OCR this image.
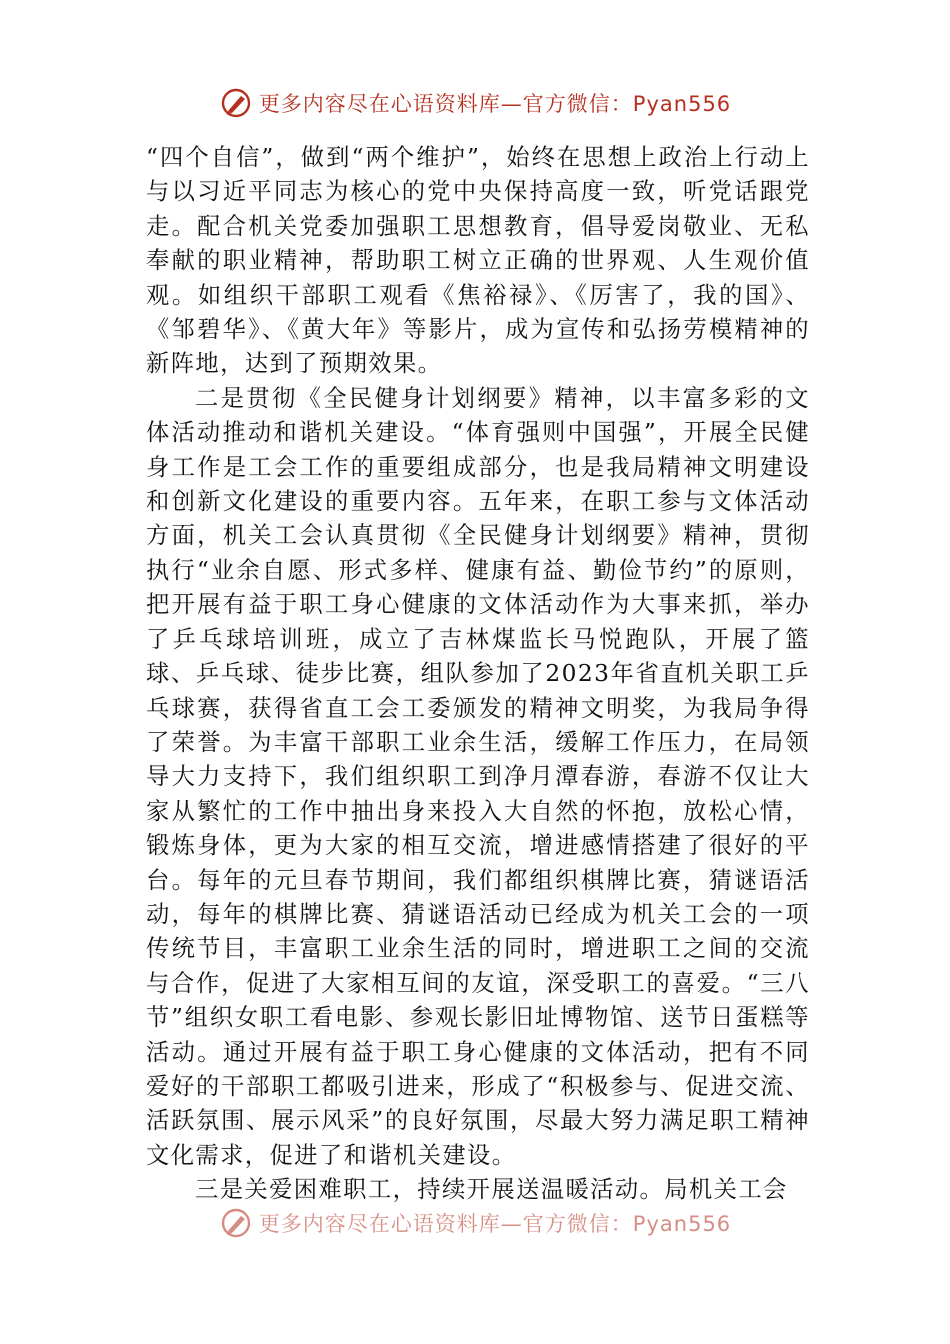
更多内容尽在心语资料库—官方微信：Pyan556

“四个自信”，做到“两个维护”，始终在思想上政治上行动上与以习近平同志为核心的党中央保持高度一致，听党话跟党走。配合机关党委加强职工思想教育，倡导爱岗敬业、无私奉献的职业精神，帮助职工树立正确的世界观、人生观价值观。如组织干部职工观看《焦裕禄》、《厉害了，我的国》、《邹碧华》、《黄大年》等影片，成为宣传和弘扬劳模精神的新阵地，达到了预期效果。

二是贯彻《全民健身计划纲要》精神，以丰富多彩的文体活动推动和谐机关建设。“体育强则中国强”，开展全民健身工作是工会工作的重要组成部分，也是我局精神文明建设和创新文化建设的重要内容。五年来，在职工参与文体活动方面，机关工会认真贯彻《全民健身计划纲要》精神，贯彻执行“业余自愿、形式多样、健康有益、勤俭节约”的原则，把开展有益于职工身心健康的文体活动作为大事来抓，举办了乒乓球培训班，成立了吉林煤监长马悦跑队，开展了篮球、乒乓球、徒步比赛，组队参加了2023年省直机关职工乒乓球赛，获得省直工会工委颁发的精神文明奖，为我局争得了荣誉。为丰富干部职工业余生活，缓解工作压力，在局领导大力支持下，我们组织职工到净月潭春游，春游不仅让大家从繁忙的工作中抽出身来投入大自然的怀抱，放松心情，锻炼身体，更为大家的相互交流，增进感情搭建了很好的平台。每年的元旦春节期间，我们都组织棋牌比赛，猜谜语活动，每年的棋牌比赛、猜谜语活动已经成为机关工会的一项传统节目，丰富职工业余生活的同时，增进职工之间的交流与合作，促进了大家相互间的友谊，深受职工的喜爱。“三八节”组织女职工看电影、参观长影旧址博物馆、送节日蛋糕等活动。通过开展有益于职工身心健康的文体活动，把有不同爱好的干部职工都吸引进来，形成了“积极参与、促进交流、活跃氛围、展示风采”的良好氛围，尽最大努力满足职工精神文化需求，促进了和谐机关建设。

三是关爱困难职工，持续开展送温暖活动。局机关工会

更多内容尽在心语资料库—官方微信：Pyan556
